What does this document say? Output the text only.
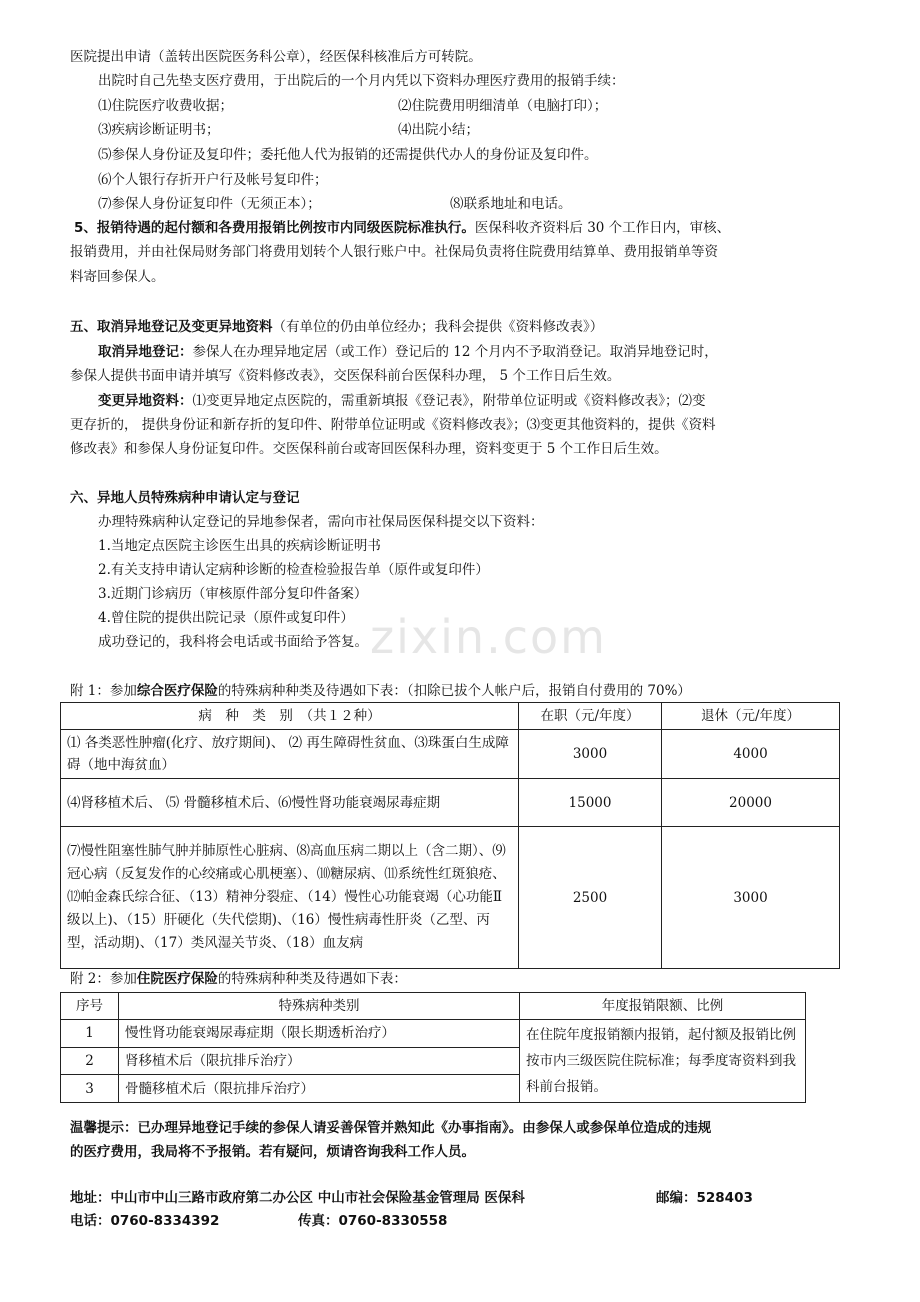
zixin.com
医院提出申请（盖转出医院医务科公章），经医保科核准后方可转院。
出院时自己先垫支医疗费用，于出院后的一个月内凭以下资料办理医疗费用的报销手续：
⑴住院医疗收费收据；	⑵住院费用明细清单（电脑打印）；
⑶疾病诊断证明书；	⑷出院小结；
⑸参保人身份证及复印件；委托他人代为报销的还需提供代办人的身份证及复印件。
⑹个人银行存折开户行及帐号复印件；
⑺参保人身份证复印件（无须正本）；	⑻联系地址和电话。
5、报销待遇的起付额和各费用报销比例按市内同级医院标准执行。医保科收齐资料后 30 个工作日内，审核、
报销费用，并由社保局财务部门将费用划转个人银行账户中。社保局负责将住院费用结算单、费用报销单等资
料寄回参保人。
五、取消异地登记及变更异地资料（有单位的仍由单位经办；我科会提供《资料修改表》）
取消异地登记：参保人在办理异地定居（或工作）登记后的 12 个月内不予取消登记。取消异地登记时，
参保人提供书面申请并填写《资料修改表》，交医保科前台医保科办理， 5 个工作日后生效。
变更异地资料：⑴变更异地定点医院的，需重新填报《登记表》，附带单位证明或《资料修改表》；⑵变
更存折的， 提供身份证和新存折的复印件、附带单位证明或《资料修改表》；⑶变更其他资料的，提供《资料
修改表》和参保人身份证复印件。交医保科前台或寄回医保科办理，资料变更于 5 个工作日后生效。
六、异地人员特殊病种申请认定与登记
办理特殊病种认定登记的异地参保者，需向市社保局医保科提交以下资料：
1.当地定点医院主诊医生出具的疾病诊断证明书
2.有关支持申请认定病种诊断的检查检验报告单（原件或复印件）
3.近期门诊病历（审核原件部分复印件备案）
4.曾住院的提供出院记录（原件或复印件）
成功登记的，我科将会电话或书面给予答复。
附 1：参加综合医疗保险的特殊病种种类及待遇如下表：（扣除已拔个人帐户后，报销自付费用的 70%）
病　种　类　别　（共１２种）	在职（元/年度）	退休（元/年度）
⑴ 各类恶性肿瘤(化疗、放疗期间)、 ⑵ 再生障碍性贫血、⑶珠蛋白生成障碍（地中海贫血）	3000	4000
⑷肾移植术后、 ⑸ 骨髓移植术后、⑹慢性肾功能衰竭尿毒症期	15000	20000
⑺慢性阻塞性肺气肿并肺原性心脏病、⑻高血压病二期以上（含二期）、⑼冠心病（反复发作的心绞痛或心肌梗塞）、⑽糖尿病、⑾系统性红斑狼疮、⑿帕金森氏综合征、（13）精神分裂症、（14）慢性心功能衰竭（心功能Ⅱ级以上)、（15）肝硬化（失代偿期)、（16）慢性病毒性肝炎（乙型、丙型，活动期)、（17）类风湿关节炎、（18）血友病	2500	3000
附 2：参加住院医疗保险的特殊病种种类及待遇如下表：
序号	特殊病种类别	年度报销限额、比例
1	慢性肾功能衰竭尿毒症期（限长期透析治疗）	在住院年度报销额内报销，起付额及报销比例按市内三级医院住院标准；每季度寄资料到我科前台报销。
2	肾移植术后（限抗排斥治疗）	
3	骨髓移植术后（限抗排斥治疗）	
温馨提示：已办理异地登记手续的参保人请妥善保管并熟知此《办事指南》。由参保人或参保单位造成的违规
的医疗费用，我局将不予报销。若有疑问，烦请咨询我科工作人员。
地址：中山市中山三路市政府第二办公区 中山市社会保险基金管理局 医保科	邮编：528403
电话：0760-8334392	传真：0760-8330558
